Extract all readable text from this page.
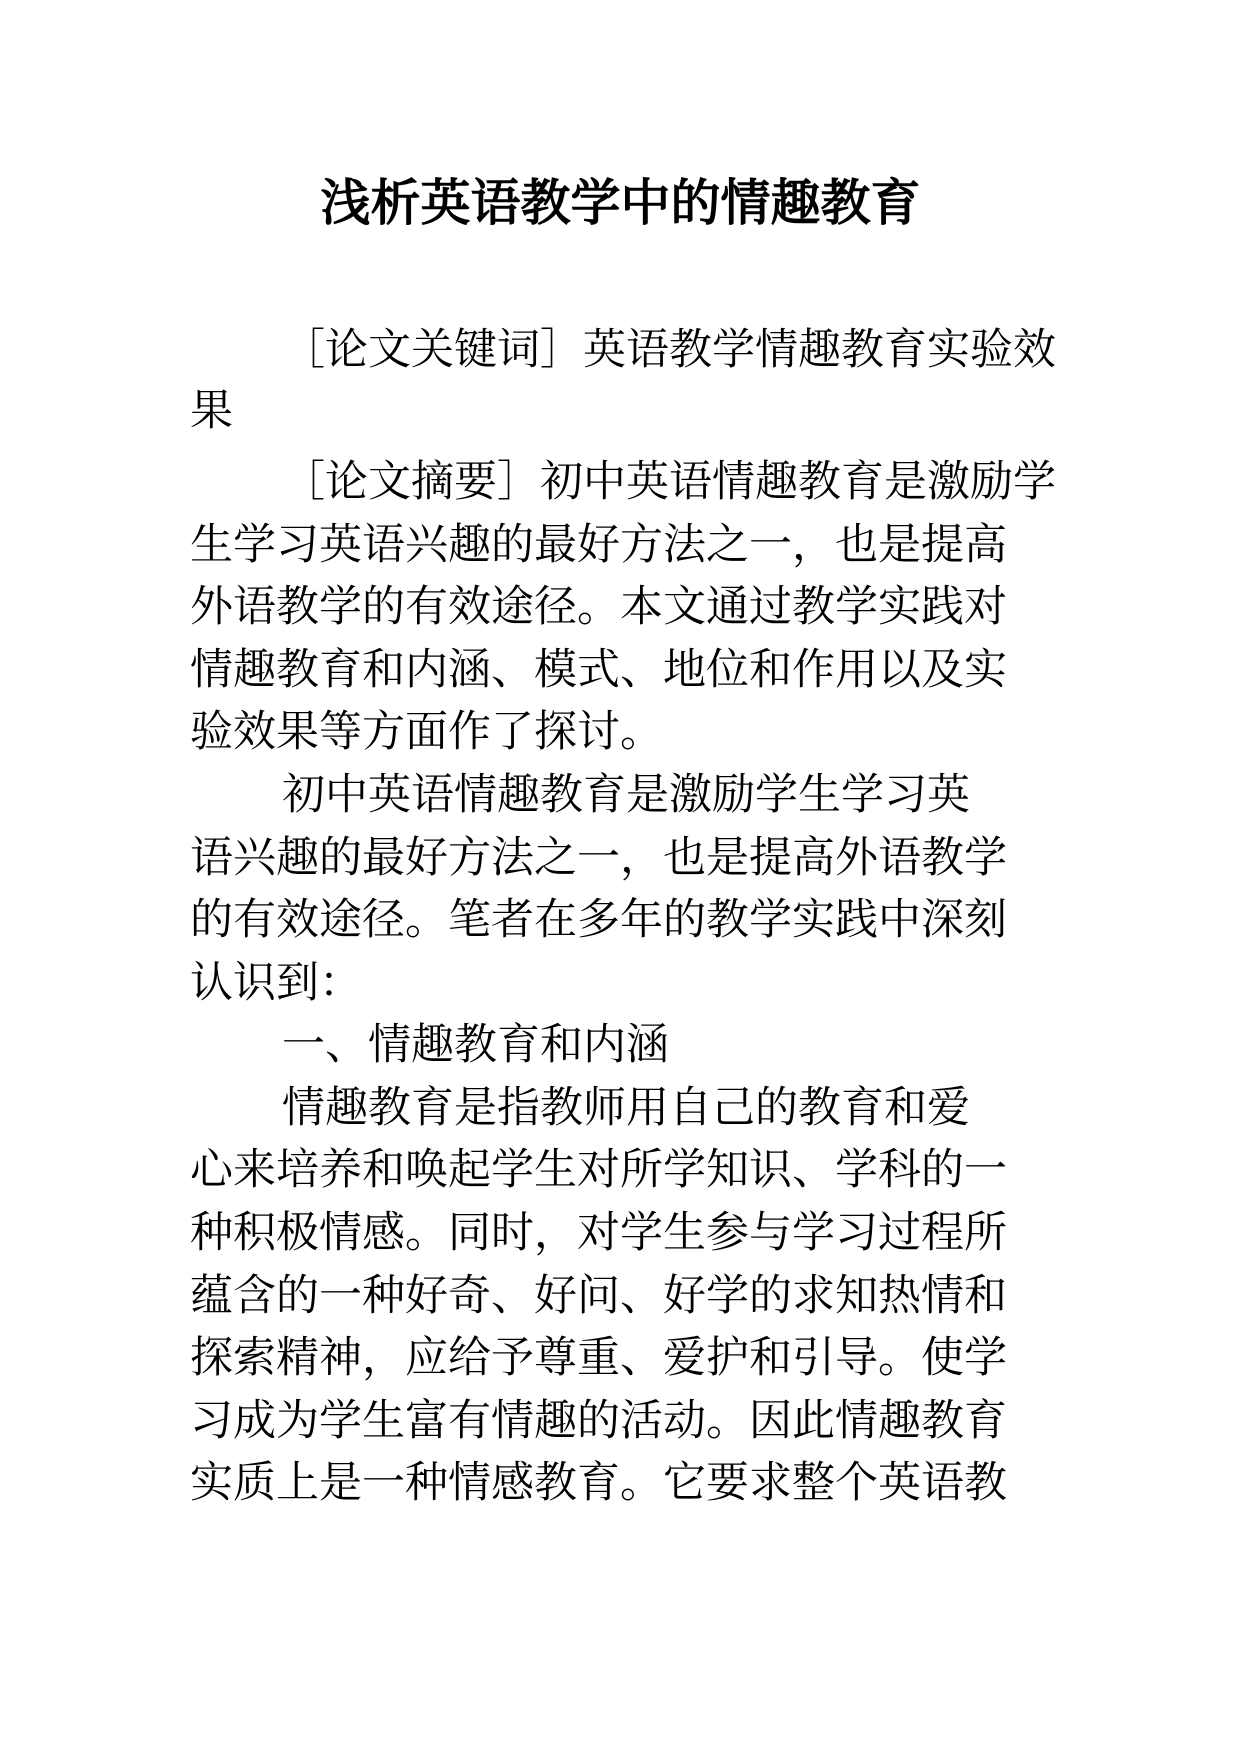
浅析英语教学中的情趣教育

［论文关键词］英语教学情趣教育实验效

果

［论文摘要］初中英语情趣教育是激励学

生学习英语兴趣的最好方法之一，也是提高

外语教学的有效途径。本文通过教学实践对

情趣教育和内涵、模式、地位和作用以及实

验效果等方面作了探讨。

初中英语情趣教育是激励学生学习英

语兴趣的最好方法之一，也是提高外语教学

的有效途径。笔者在多年的教学实践中深刻

认识到：

一、情趣教育和内涵

情趣教育是指教师用自己的教育和爱

心来培养和唤起学生对所学知识、学科的一

种积极情感。同时，对学生参与学习过程所

蕴含的一种好奇、好问、好学的求知热情和

探索精神，应给予尊重、爱护和引导。使学

习成为学生富有情趣的活动。因此情趣教育

实质上是一种情感教育。它要求整个英语教
